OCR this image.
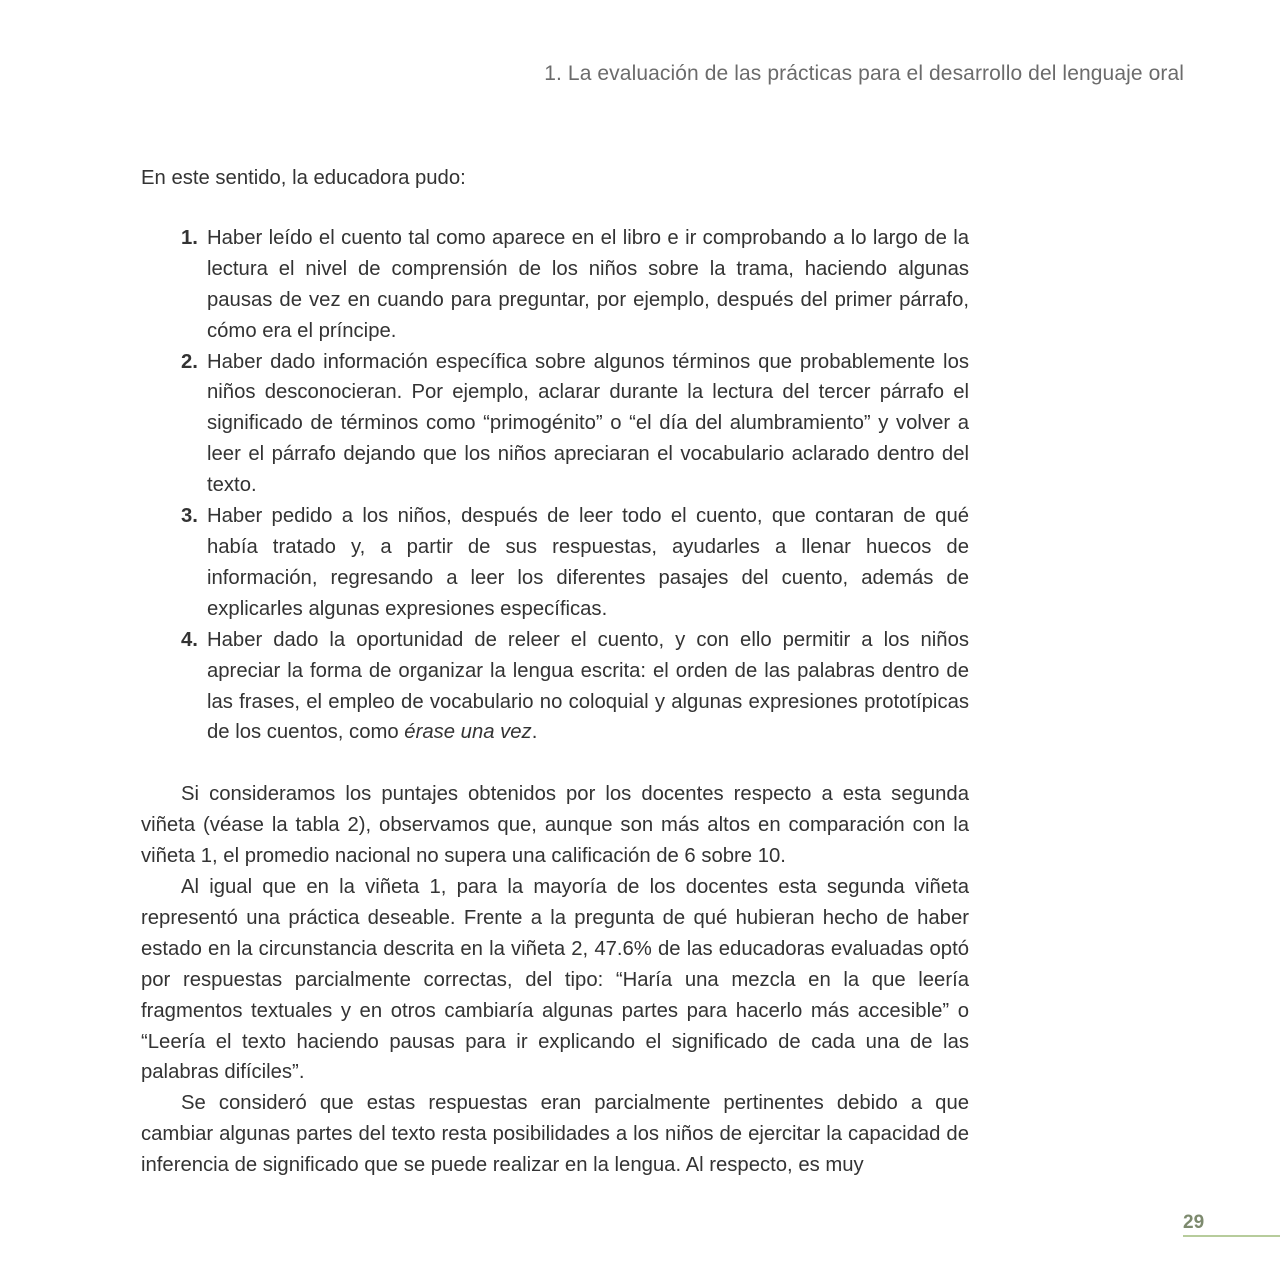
1. La evaluación de las prácticas para el desarrollo del lenguaje oral

En este sentido, la educadora pudo:

1. Haber leído el cuento tal como aparece en el libro e ir comprobando a lo largo de la lectura el nivel de comprensión de los niños sobre la trama, haciendo algunas pausas de vez en cuando para preguntar, por ejemplo, después del primer párrafo, cómo era el príncipe.
2. Haber dado información específica sobre algunos términos que probablemente los niños desconocieran. Por ejemplo, aclarar durante la lectura del tercer párrafo el significado de términos como “primogénito” o “el día del alumbramiento” y volver a leer el párrafo dejando que los niños apreciaran el vocabulario aclarado dentro del texto.
3. Haber pedido a los niños, después de leer todo el cuento, que contaran de qué había tratado y, a partir de sus respuestas, ayudarles a llenar huecos de información, regresando a leer los diferentes pasajes del cuento, además de explicarles algunas expresiones específicas.
4. Haber dado la oportunidad de releer el cuento, y con ello permitir a los niños apreciar la forma de organizar la lengua escrita: el orden de las palabras dentro de las frases, el empleo de vocabulario no coloquial y algunas expresiones prototípicas de los cuentos, como érase una vez.

Si consideramos los puntajes obtenidos por los docentes respecto a esta segunda viñeta (véase la tabla 2), observamos que, aunque son más altos en comparación con la viñeta 1, el promedio nacional no supera una calificación de 6 sobre 10.

Al igual que en la viñeta 1, para la mayoría de los docentes esta segunda viñeta representó una práctica deseable. Frente a la pregunta de qué hubieran hecho de haber estado en la circunstancia descrita en la viñeta 2, 47.6% de las educadoras evaluadas optó por respuestas parcialmente correctas, del tipo: “Haría una mezcla en la que leería fragmentos textuales y en otros cambiaría algunas partes para hacerlo más accesible” o “Leería el texto haciendo pausas para ir explicando el significado de cada una de las palabras difíciles”.

Se consideró que estas respuestas eran parcialmente pertinentes debido a que cambiar algunas partes del texto resta posibilidades a los niños de ejercitar la capacidad de inferencia de significado que se puede realizar en la lengua. Al respecto, es muy

29
